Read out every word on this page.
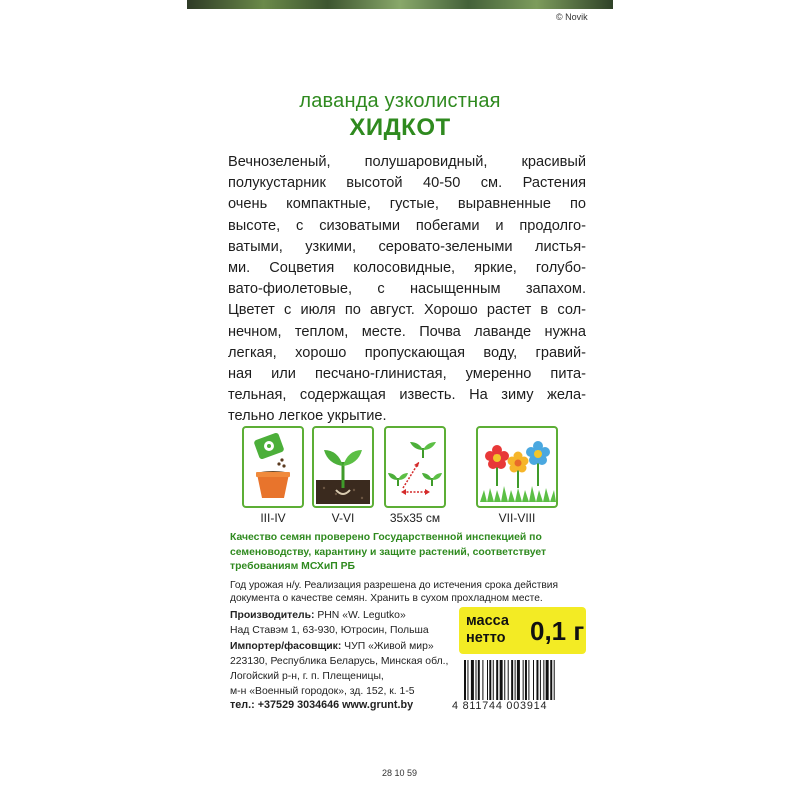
© Novik
лаванда узколистная
ХИДКОТ
Вечнозеленый, полушаровидный, красивый
полукустарник высотой 40-50 см. Растения
очень компактные, густые, выравненные по
высоте, с сизоватыми побегами и продолго-
ватыми, узкими, серовато-зелеными листья-
ми. Соцветия колосовидные, яркие, голубо-
вато-фиолетовые, с насыщенным запахом.
Цветет с июля по август. Хорошо растет в сол-
нечном, теплом, месте. Почва лаванде нужна
легкая, хорошо пропускающая воду, гравий-
ная или песчано-глинистая, умеренно пита-
тельная, содержащая известь. На зиму жела-
тельно легкое укрытие.
III-IV	V-VI	35x35 см	VII-VIII
Качество семян проверено Государственной инспекцией по
семеноводству, карантину и защите растений, соответствует
требованиям МСХиП РБ
Год урожая н/у. Реализация разрешена до истечения срока действия
документа о качестве семян. Хранить в сухом прохладном месте.
Производитель: PHN «W. Legutko»
Над Ставэм 1, 63-930, Ютросин, Польша
Импортер/фасовщик: ЧУП «Живой мир»
223130, Республика Беларусь, Минская обл.,
Логойский р-н, г. п. Плещеницы,
м-н «Военный городок», зд. 152, к. 1-5
масса
нетто 0,1 г
4 811744 003914
тел.: +37529 3034646 www.grunt.by
28 10 59
